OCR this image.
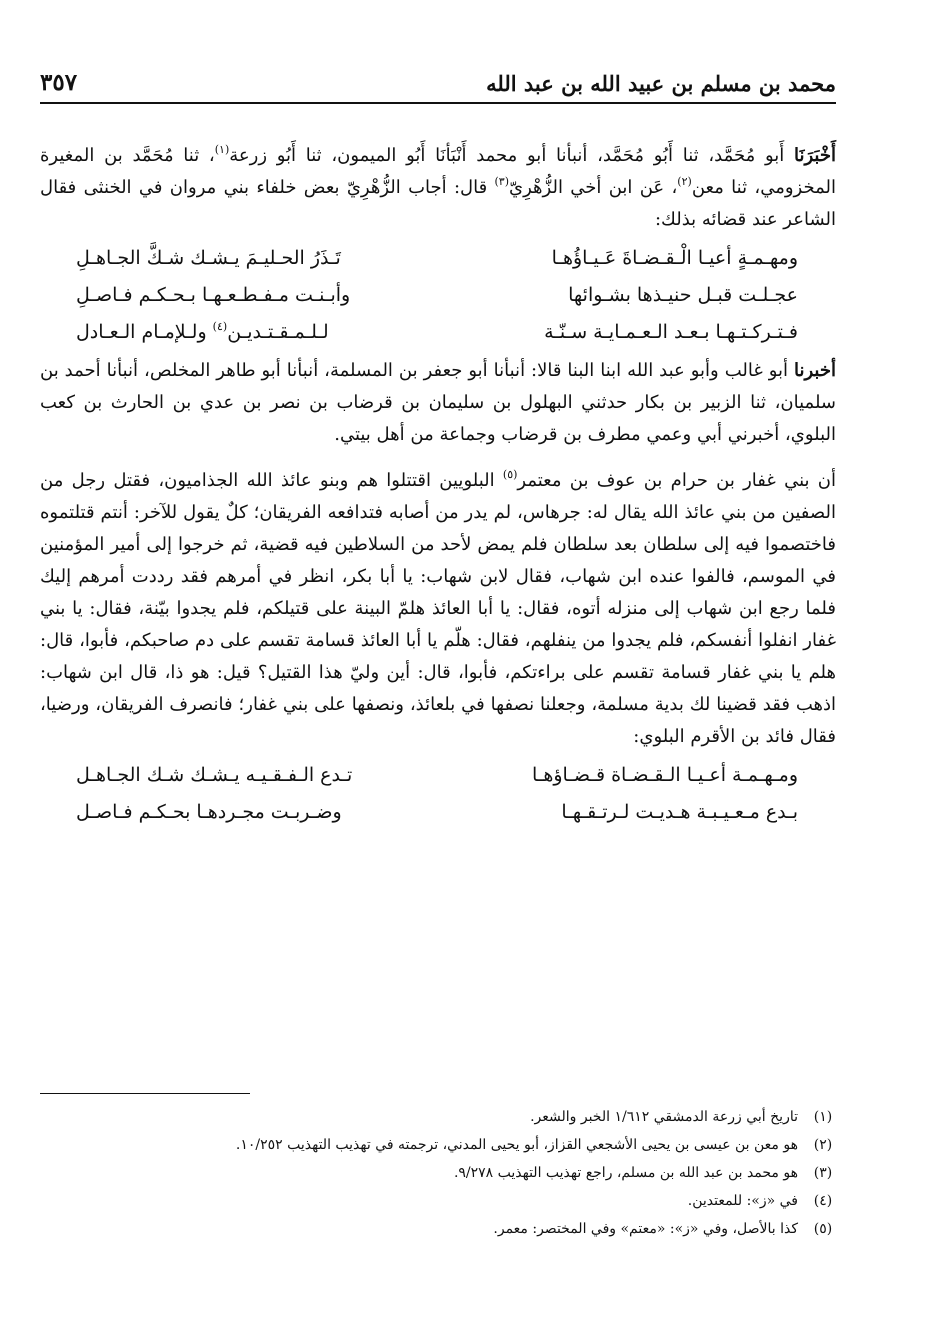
محمد بن مسلم بن عبيد الله بن عبد الله
٣٥٧

أَخْبَرَنَا أَبو مُحَمَّد، ثنا أَبُو مُحَمَّد، أنبأنا أبو محمد أَنْبَأنَا أَبُو الميمون، ثنا أَبُو زرعة$^{(١)}$، ثنا مُحَمَّد بن المغيرة المخزومي، ثنا معن$^{(٢)}$، عَن ابن أخي الزُّهْرِيّ$^{(٣)}$ قال: أجاب الزُّهْرِيّ بعض خلفاء بني مروان في الخنثى فقال الشاعر عند قضائه بذلك:

ومهـمـةٍ أعيـا الْـقـضـاةَ عَـيـاؤُهـا
تَـذَرُ الحـليـمَ يـشـك شـكَّ الجـاهـلِ
عجـلـت قبـل حنيـذها بشـوائها
وأبـنـت مـفـطـعـهـا بـحـكـم فـاصـلِ
فـتـركـتـهـا بـعـد الـعـمـايـة سـنّـة
لـلـمـقـتـديـن$^{(٤)}$ ولـلإمـام الـعـادل

أخبرنا أبو غالب وأبو عبد الله ابنا البنا قالا: أنبأنا أبو جعفر بن المسلمة، أنبأنا أبو طاهر المخلص، أنبأنا أحمد بن سلميان، ثنا الزبير بن بكار حدثني البهلول بن سليمان بن قرضاب بن نصر بن عدي بن الحارث بن كعب البلوي، أخبرني أبي وعمي مطرف بن قرضاب وجماعة من أهل بيتي.

أن بني غفار بن حرام بن عوف بن معتمر$^{(٥)}$ البلويين اقتتلوا هم وبنو عائذ الله الجذاميون، فقتل رجل من الصفين من بني عائذ الله يقال له: جرهاس، لم يدر من أصابه فتدافعه الفريقان؛ كلٌ يقول للآخر: أنتم قتلتموه فاختصموا فيه إلى سلطان بعد سلطان فلم يمض لأحد من السلاطين فيه قضية، ثم خرجوا إلى أمير المؤمنين في الموسم، فالفوا عنده ابن شهاب، فقال لابن شهاب: يا أبا بكر، انظر في أمرهم فقد رددت أمرهم إليك فلما رجع ابن شهاب إلى منزله أتوه، فقال: يا أبا العائذ هلمّ البينة على قتيلكم، فلم يجدوا بيّنة، فقال: يا بني غفار انفلوا أنفسكم، فلم يجدوا من ينفلهم، فقال: هلّم يا أبا العائذ قسامة تقسم على دم صاحبكم، فأبوا، قال: هلم يا بني غفار قسامة تقسم على براءتكم، فأبوا، قال: أين وليّ هذا القتيل؟ قيل: هو ذا، قال ابن شهاب: اذهب فقد قضينا لك بدية مسلمة، وجعلنا نصفها في بلعائذ، ونصفها على بني غفار؛ فانصرف الفريقان، ورضيا، فقال فائد بن الأقرم البلوي:

ومـهـمـة أعـيـا الـقـضـاة قـضـاؤهـا
تـدع الـفـقـيـه يـشـك شـك الجـاهـل
بـدع مـعـيـبـة هـديـت لـرتـقـهـا
وضـربـت مجـردهـا بحـكـم فـاصـل
(١)
تاريخ أبي زرعة الدمشقي ١/٦١٢ الخبر والشعر.
(٢)
هو معن بن عيسى بن يحيى الأشجعي القزاز، أبو يحيى المدني، ترجمته في تهذيب التهذيب ١٠/٢٥٢.
(٣)
هو محمد بن عبد الله بن مسلم، راجع تهذيب التهذيب ٩/٢٧٨.
(٤)
في «ز»: للمعتدين.
(٥)
كذا بالأصل، وفي «ز»: «معتم» وفي المختصر: معمر.
